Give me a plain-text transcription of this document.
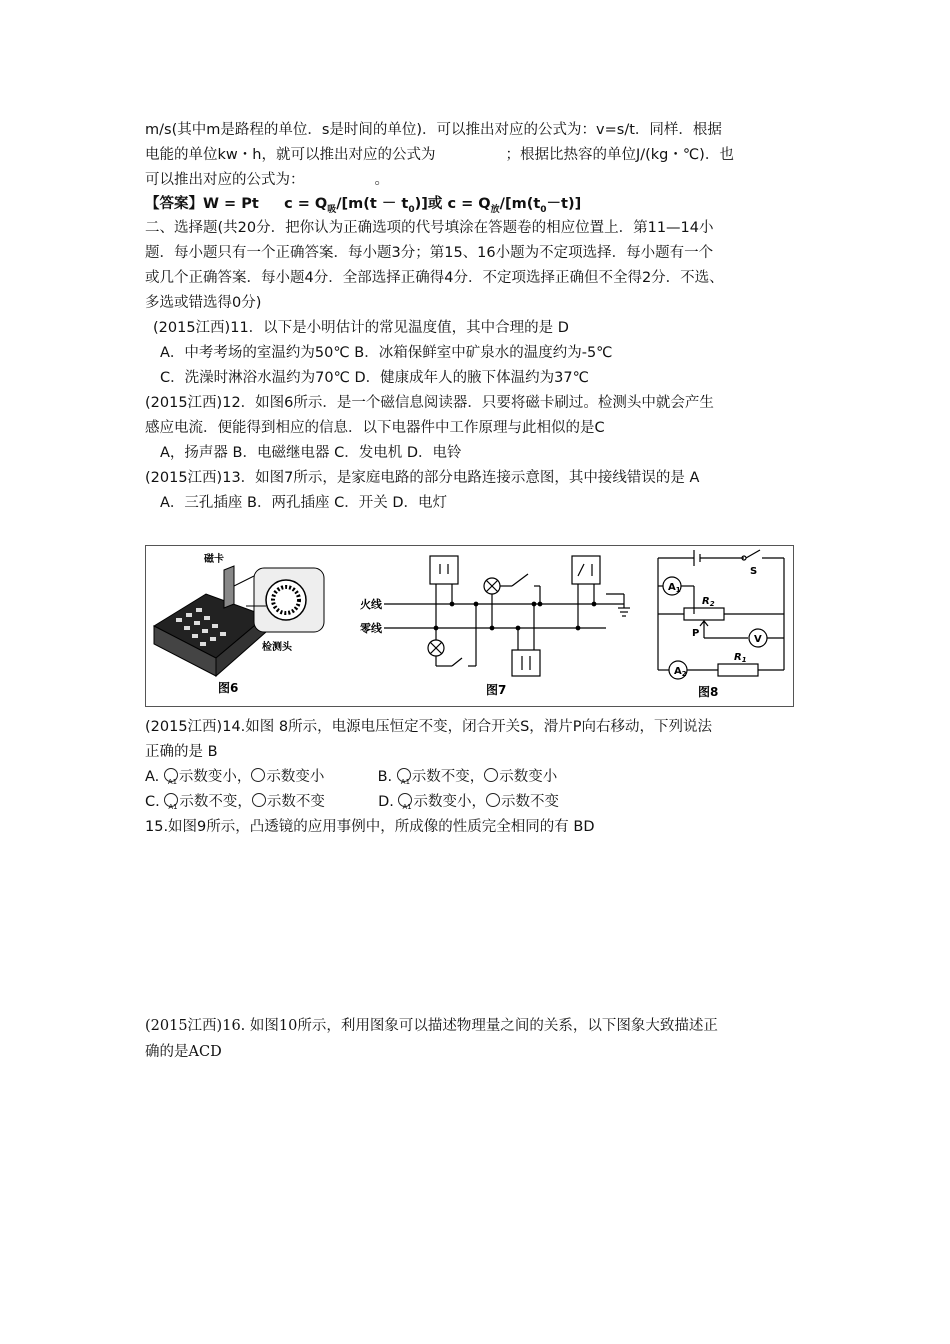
m/s(其中m是路程的单位．s是时间的单位)．可以推出对应的公式为：v=s/t．同样．根据
电能的单位kw・h，就可以推出对应的公式为	；根据比热容的单位J/(kg・℃)．也
可以推出对应的公式为：	。
【答案】W = Pt $c = Q_吸/[m(t - t_0)]$或 $c = Q_放/[m(t_0-t)]$
二、选择题(共20分．把你认为正确选项的代号填涂在答题卷的相应位置上．第11—14小
题．每小题只有一个正确答案．每小题3分；第15、16小题为不定项选择．每小题有一个
或几个正确答案．每小题4分．全部选择正确得4分．不定项选择正确但不全得2分．不选、
多选或错选得0分)
(2015江西)11．以下是小明估计的常见温度值，其中合理的是 D
A．中考考场的室温约为50℃ B．冰箱保鲜室中矿泉水的温度约为-5℃
C．洗澡时淋浴水温约为70℃ D．健康成年人的腋下体温约为37℃
(2015江西)12．如图6所示．是一个磁信息阅读器．只要将磁卡刷过。检测头中就会产生
感应电流．便能得到相应的信息．以下电器件中工作原理与此相似的是C
A，扬声器 B．电磁继电器 C．发电机 D．电铃
(2015江西)13．如图7所示，是家庭电路的部分电路连接示意图，其中接线错误的是 A
A．三孔插座 B．两孔插座 C．开关 D．电灯
磁卡
检测头
图6
火线
零线
图7
$A_1$
S
$R_2$
P
V
$A_2$
$R_1$
图8
(2015江西)14.如图 8所示，电源电压恒定不变，闭合开关S，滑片P向右移动，下列说法
正确的是 B
A. A1 示数变小， 示数变小	B. A1 示数不变， 示数变小
C. A1 示数不变， 示数不变	D. A1 示数变小， 示数不变
15.如图9所示，凸透镜的应用事例中，所成像的性质完全相同的有 BD
(2015江西)16. 如图10所示，利用图象可以描述物理量之间的关系，以下图象大致描述正
确的是ACD
